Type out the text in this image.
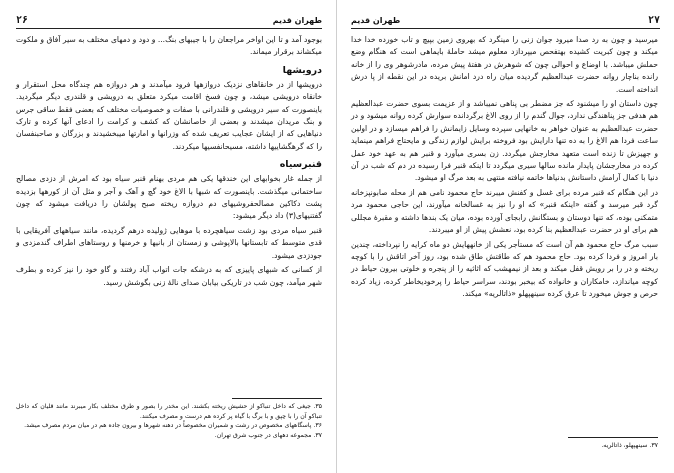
طهران قدیم
۲۶

بوجود آمد و تا این اواخر مراجعان را با جیبهای بنگ... و دود و دمهای مختلف به سیر آفاق و ملکوت میکشاند برقرار میماند.

درویشها

درویشها از در خانقاهای نزدیک دروازهها فرود میآمدند و هر دروازه هم چندگاه محل استقرار و خانقاه درویشی میشد، و چون فسخ اقامت میکرد متعلق به درویشی و قلندری دیگر میگردید. باینصورت که سیر درویشی و قلندرانی با صفات و خصوصیات مختلف که بعضی فقط ساقی جرس و بنگ مریدان میشدند و بعضی از خاصانشان که کشف و کرامت را ادعای آنها کرده و تارک دنیاهایی که از ایشان عجایب تعریف شده که وزرانها و امارتها میبخشیدند و بزرگان و صاحبنفسان را که گرهگشاییها داشته، مسیحانفسیها میکردند.

قنبرسیاه

از جمله غار بخوابهای این خندقها یکی هم مردی بهنام قنبر سیاه بود که امرش از دزدی مصالح ساختمانی میگذشت. باینصورت که شبها با الاغ خود گچ و آهک و آجر و مثل آن از کورهها بزدیده پشت دکاکین مصالحفروشیهای دم دروازه ریخته صبح پولشان را دریافت میشود که چون گفتنیهای(۳) داد دیگر میشود:

قنبر سیاه مردی بود زشت سیاهچرده با موهایی ژولیده درهم گردیده، مانند سیاههای آفریقایی با قدی متوسط که تابستانها بالاپوشی و زمستان از بانیها و خرمنها و روستاهای اطراف گندمزدی و جودزدی میشود.

از کسانی که شبهای پاییزی که به درشکه جات اتواب آباد رفتند و گاو خود را نیز کرده و بطرف شهر میآمد، چون شب در تاریکی بیابان صدای نالهٔ زنی بگوشش رسید.

۳۵. جیغی که داخل تنباکو از حشیش ریخته بکشند. این مخدر را بصور و طرق مختلف بکار میبرند مانند قلیان که داخل تنباکو آن را با چپق و با برگ با گیاه پر کرده هم درست و مصرف میکنند.

۳۶. پاسگاههای مخصوص در رشت و شمیران مخصوصاً در دهنه شهرها و بیرون جاده هم در میان مردم مصرف میشد.

۳۷. مجموعه دههای در جنوب شرق تهران.

۲۷
طهران قدیم

میرسید و چون به رد صدا میرود جوان زنی را مینگرد که بهروی زمین بپیچ و تاب خورده خدا خدا میکند و چون کبریت کشیده بهتفحص میپردازد معلوم میشد حاملهٔ بایماهی است که هنگام وضع حملش میباشد. با اوضاع و احوالی چون که شوهرش در هفتهٔ پیش مرده، مادرشوهر وی را از خانه رانده بناچار روانه حضرت عبدالعظیم گردیده میان راه درد امانش بریده در این نقطه از پا درش انداخته است.

چون داستان او را میشنود که جز مضطر بی پناهی نمیباشد و از عزیمت بسوی حضرت عبدالعظیم هم هدفی جز پناهندگی ندارد، جوال گندم را از روی الاغ برگردانده سوارش کرده روانه میشود و در حضرت عبدالعظیم به عنوان خواهر به خانهایی سپرده وسایل زایمانش را فراهم میسازد و در اولین ساعت فردا هم الاغ را به ده تنها دارایش بود فروخته برایش لوازم زندگی و مایحتاج فراهم مینماید و جهیزش تا زنده است متعهد مخارجش میگردد. زن بسری میآورد و قنبر هم به عهد خود عمل کرده در مخارجشان پایدار مانده سالها سیری میگردد تا اینکه قنبر فرا رسیده در دم که شب در آن دنیا با کمال آرامش داستانش بدنیاها خاتمه نیافته منتهی به بعد مرگ او میشود.

در این هنگام که قنبر مرده برای غسل و کفنش میبرند حاج محمود نامی هم از محله صابونپزخانه گرد قبر میرسد و گفته «اینکه قنبر» که او را نیز به غسالخانه میآورند، این حاجی محمود مرد متمکنی بوده، که تنها دوستان و بستگانش رابجای آورده بوده، میان یک بندها داشته و مقبرهٔ مجللی هم برای او در حضرت عبدالعظیم بنا کرده بود، نعشش پیش از او میبردند.

سبب مرگ حاج محمود هم آن است که مستأجر یکی از خانههایش دو ماه کرایه را نپرداخته، چندین بار امروز و فردا کرده بود. حاج محمود هم که طاقتش طاق شده بود، روز آخر اتاقش را با کوچه ریخته و در را بر رویش قفل میکند و بعد از نیمهشب که اثاثیه را از پنجره و خلوتی بیرون حیاط در کوچه میاندازد، خامکاران و خانواده که بیخبر بودند، سراسر حیاط را پرخودیخاطر کرده، زیاد کرده حرص و جوش میخورد تا عرق کرده سینهپهلو «ذاتالریه» میکند.

۳۷. سینهپهلو، ذاتالریه.
